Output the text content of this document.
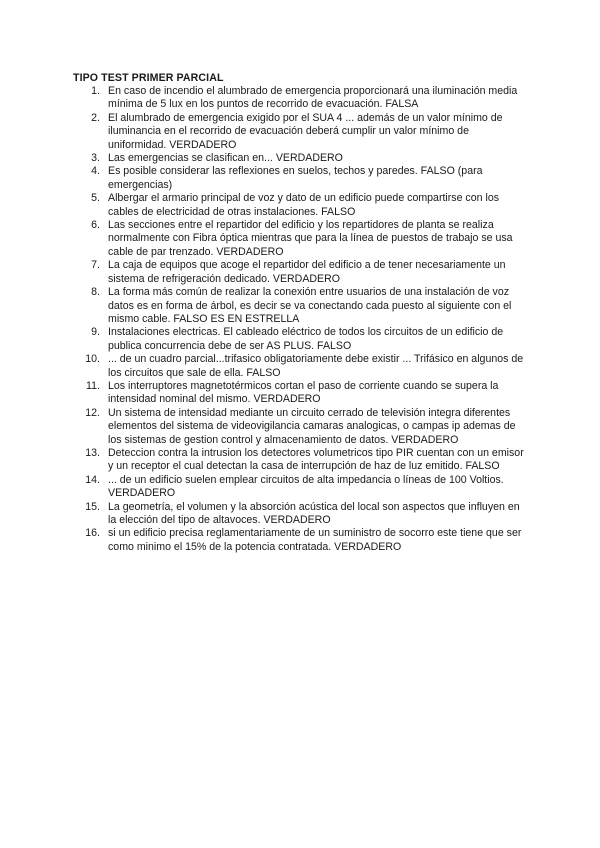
TIPO TEST PRIMER PARCIAL
1. En caso de incendio el alumbrado de emergencia proporcionará una iluminación media mínima de 5 lux en los puntos de recorrido de evacuación. FALSA
2. El alumbrado de emergencia exigido por el SUA 4 ... además de un valor mínimo de iluminancia en el recorrido de evacuación deberá cumplir un valor mínimo de uniformidad. VERDADERO
3. Las emergencias se clasifican en... VERDADERO
4. Es posible considerar las reflexiones en suelos, techos y paredes. FALSO (para emergencias)
5. Albergar el armario principal de voz y dato de un edificio puede compartirse con los cables de electricidad de otras instalaciones. FALSO
6. Las secciones entre el repartidor del edificio y los repartidores de planta se realiza normalmente con Fibra óptica mientras que para la línea de puestos de trabajo se usa cable de par trenzado. VERDADERO
7. La caja de equipos que acoge el repartidor del edificio a de tener necesariamente un sistema de refrigeración dedicado. VERDADERO
8. La forma más común de realizar la conexión entre usuarios de una instalación de voz datos es en forma de árbol, es decir se va conectando cada puesto al siguiente con el mismo cable. FALSO ES EN ESTRELLA
9. Instalaciones electricas. El cableado eléctrico de todos los circuitos de un edificio de publica concurrencia debe de ser AS PLUS. FALSO
10. ... de un cuadro parcial...trifasico obligatoriamente debe existir ... Trifásico en algunos de los circuitos que sale de ella. FALSO
11. Los interruptores magnetotérmicos cortan el paso de corriente cuando se supera la intensidad nominal del mismo. VERDADERO
12. Un sistema de intensidad mediante un circuito cerrado de televisión integra diferentes elementos del sistema de videovigilancia camaras analogicas, o campas ip ademas de los sistemas de gestion control y almacenamiento de datos. VERDADERO
13. Deteccion contra la intrusion los detectores volumetricos tipo PIR cuentan con un emisor y un receptor el cual detectan la casa de interrupción de haz de luz emitido. FALSO
14. ... de un edificio suelen emplear circuitos de alta impedancia o líneas de 100 Voltios. VERDADERO
15. La geometría, el volumen y la absorción acústica del local son aspectos que influyen en la elección del tipo de altavoces. VERDADERO
16. si un edificio precisa reglamentariamente de un suministro de socorro este tiene que ser como minimo el 15% de la potencia contratada. VERDADERO
